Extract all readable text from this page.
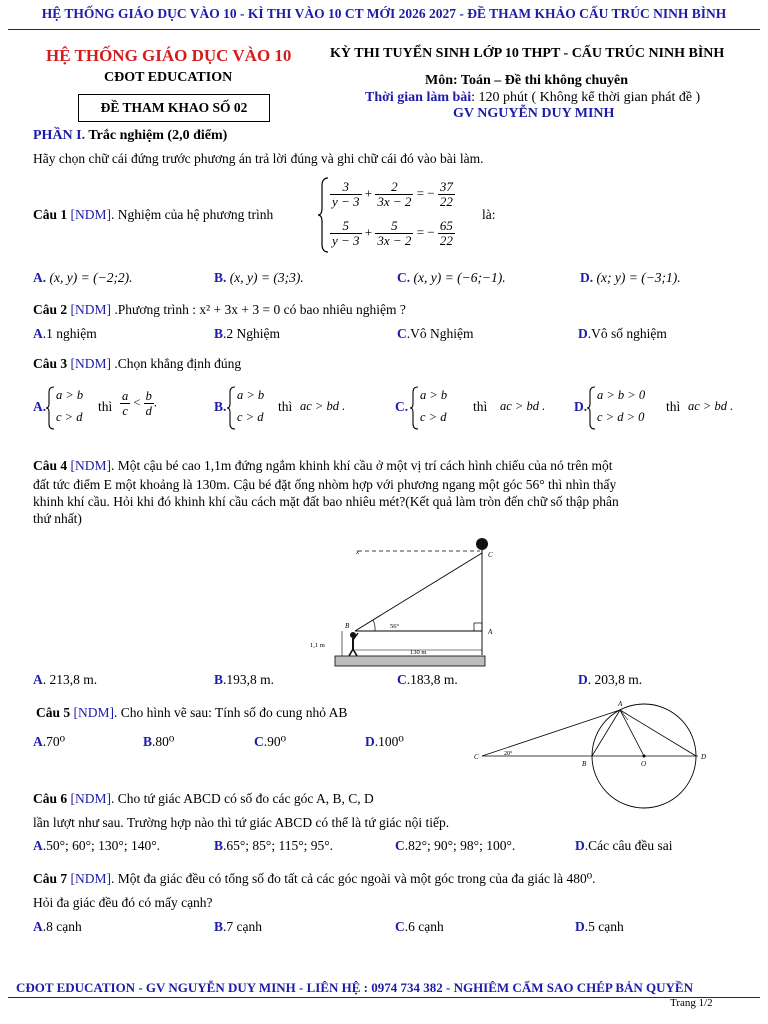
HỆ THỐNG GIÁO DỤC VÀO 10 - KÌ THI VÀO 10 CT MỚI 2026 2027 - ĐỀ THAM KHẢO CẤU TRÚC NINH BÌNH
HỆ THỐNG GIÁO DỤC VÀO 10
CĐOT EDUCATION
ĐỀ THAM KHAO SỐ 02
KỲ THI TUYỂN SINH LỚP 10 THPT - CẤU TRÚC NINH BÌNH
Môn: Toán – Đề thi không chuyên
Thời gian làm bài: 120 phút ( Không kể thời gian phát đề )
GV NGUYỄN DUY MINH
PHẦN I. Trắc nghiệm (2,0 điểm)
Hãy chọn chữ cái đứng trước phương án trả lời đúng và ghi chữ cái đó vào bài làm.
Câu 1 [NDM]. Nghiệm của hệ phương trình
$\frac{3}{y - 3} + \frac{2}{3x - 2}$ = − $\frac{37}{22}$
$\frac{5}{y - 3} + \frac{5}{3x - 2}$ = − $\frac{65}{22}$
là:
A. (x, y) = (−2;2).	B. (x, y) = (3;3).	C. (x, y) = (−6;−1).	D. (x; y) = (−3;1).
Câu 2 [NDM] .Phương trình : x² + 3x + 3 = 0 có bao nhiêu nghiệm ?
A.1 nghiệm	B.2 Nghiệm	C.Vô Nghiệm	D.Vô số nghiệm
Câu 3 [NDM] .Chọn khẳng định đúng
A.
a > b
c > d
thì $\frac{a}{c} < \frac{b}{d}$ .	B.
a > b
c > d
thì ac > bd .	C.
a > b
c > d
thì ac > bd . D.
a > b > 0
c > d > 0
thì ac > bd .
Câu 4 [NDM]. Một cậu bé cao 1,1m đứng ngắm khinh khí cầu ở một vị trí cách hình chiếu của nó trên một
đất tức điểm E một khoảng là 130m. Cậu bé đặt ống nhòm hợp với phương ngang một góc 56° thì nhìn thấy
khinh khí cầu. Hỏi khi đó khinh khí cầu cách mặt đất bao nhiêu mét?(Kết quả làm tròn đến chữ số thập phân
thứ nhất)
x	C
A
56°
B
1,1 m
130 m
A. 213,8 m.	B.193,8 m.	C.183,8 m.	D. 203,8 m.
Câu 5 [NDM]. Cho hình vẽ sau: Tính số đo cung nhỏ AB
A.70⁰	B.80⁰	C.90⁰	D.100⁰
A
B
C	D
O
20°
Câu 6 [NDM]. Cho tứ giác ABCD có số đo các góc A, B, C, D
lần lượt như sau. Trường hợp nào thì tứ giác ABCD có thể là tứ giác nội tiếp.
A.50°; 60°; 130°; 140°.	B.65°; 85°; 115°; 95°.	C.82°; 90°; 98°; 100°.	D.Các câu đều sai
Câu 7 [NDM]. Một đa giác đều có tổng số đo tất cả các góc ngoài và một góc trong của đa giác là 480⁰.
Hỏi đa giác đều đó có mấy cạnh?
A.8 cạnh	B.7 cạnh	C.6 cạnh	D.5 cạnh
CĐOT EDUCATION - GV NGUYỄN DUY MINH - LIÊN HỆ : 0974 734 382 - NGHIÊM CẤM SAO CHÉP BẢN QUYỀN
Trang 1/2
